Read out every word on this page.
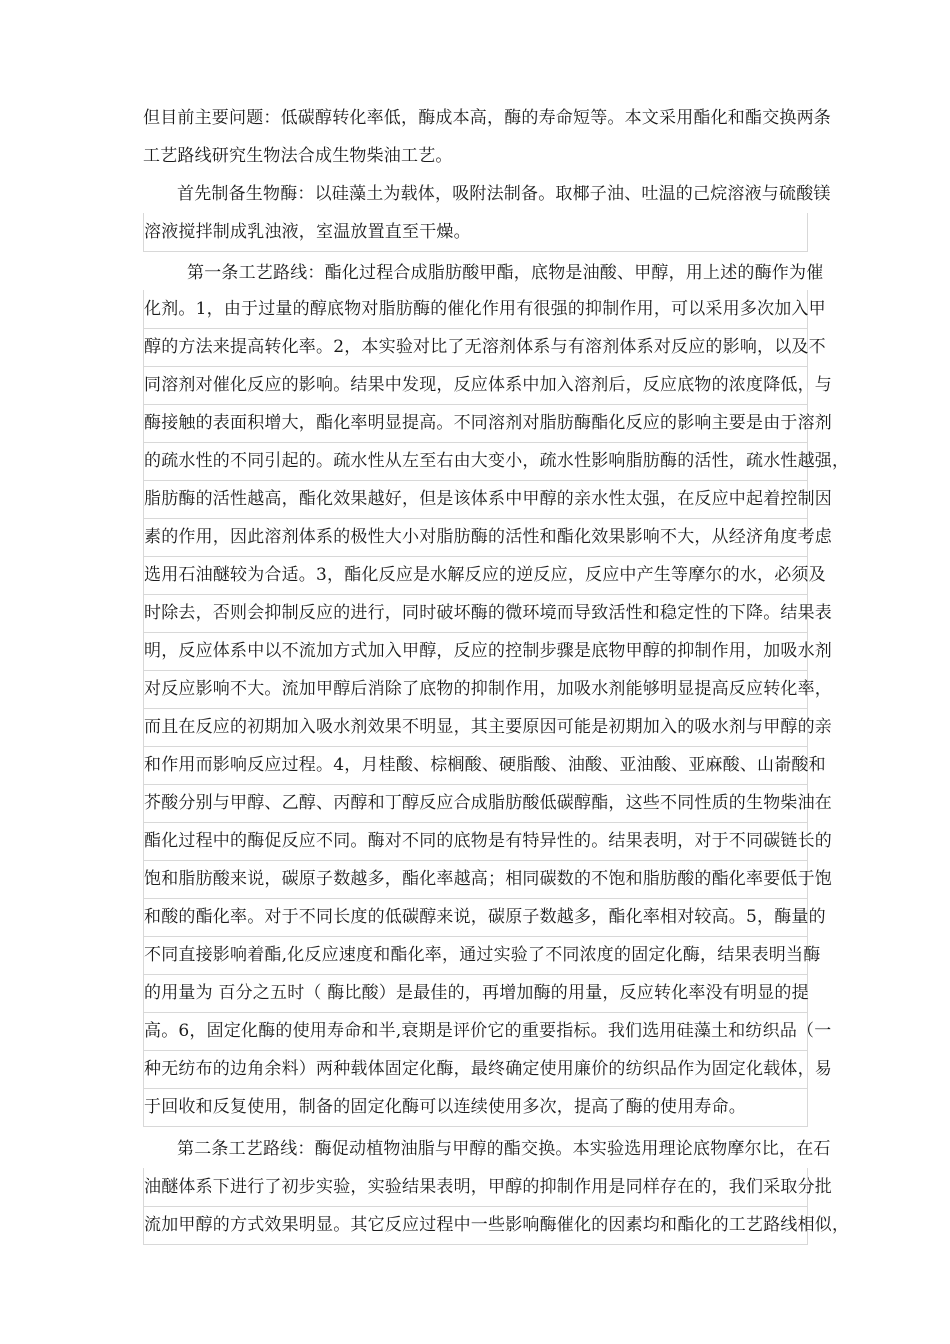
但目前主要问题：低碳醇转化率低，酶成本高，酶的寿命短等。本文采用酯化和酯交换两条
工艺路线研究生物法合成生物柴油工艺。
首先制备生物酶：以硅藻土为载体，吸附法制备。取椰子油、吐温的己烷溶液与硫酸镁
溶液搅拌制成乳浊液，室温放置直至干燥。
第一条工艺路线：酯化过程合成脂肪酸甲酯，底物是油酸、甲醇，用上述的酶作为催
化剂。1，由于过量的醇底物对脂肪酶的催化作用有很强的抑制作用，可以采用多次加入甲
醇的方法来提高转化率。2，本实验对比了无溶剂体系与有溶剂体系对反应的影响，以及不
同溶剂对催化反应的影响。结果中发现，反应体系中加入溶剂后，反应底物的浓度降低，与
酶接触的表面积增大，酯化率明显提高。不同溶剂对脂肪酶酯化反应的影响主要是由于溶剂
的疏水性的不同引起的。疏水性从左至右由大变小，疏水性影响脂肪酶的活性，疏水性越强，
脂肪酶的活性越高，酯化效果越好，但是该体系中甲醇的亲水性太强，在反应中起着控制因
素的作用，因此溶剂体系的极性大小对脂肪酶的活性和酯化效果影响不大，从经济角度考虑
选用石油醚较为合适。3，酯化反应是水解反应的逆反应，反应中产生等摩尔的水，必须及
时除去，否则会抑制反应的进行，同时破坏酶的微环境而导致活性和稳定性的下降。结果表
明，反应体系中以不流加方式加入甲醇，反应的控制步骤是底物甲醇的抑制作用，加吸水剂
对反应影响不大。流加甲醇后消除了底物的抑制作用，加吸水剂能够明显提高反应转化率，
而且在反应的初期加入吸水剂效果不明显，其主要原因可能是初期加入的吸水剂与甲醇的亲
和作用而影响反应过程。4，月桂酸、棕榈酸、硬脂酸、油酸、亚油酸、亚麻酸、山嵛酸和
芥酸分别与甲醇、乙醇、丙醇和丁醇反应合成脂肪酸低碳醇酯，这些不同性质的生物柴油在
酯化过程中的酶促反应不同。酶对不同的底物是有特异性的。结果表明，对于不同碳链长的
饱和脂肪酸来说，碳原子数越多，酯化率越高；相同碳数的不饱和脂肪酸的酯化率要低于饱
和酸的酯化率。对于不同长度的低碳醇来说，碳原子数越多，酯化率相对较高。5，酶量的
不同直接影响着酯,化反应速度和酯化率，通过实验了不同浓度的固定化酶，结果表明当酶
的用量为 百分之五时（ 酶比酸）是最佳的，再增加酶的用量，反应转化率没有明显的提
高。6，固定化酶的使用寿命和半,衰期是评价它的重要指标。我们选用硅藻土和纺织品（一
种无纺布的边角余料）两种载体固定化酶，最终确定使用廉价的纺织品作为固定化载体，易
于回收和反复使用，制备的固定化酶可以连续使用多次，提高了酶的使用寿命。
第二条工艺路线：酶促动植物油脂与甲醇的酯交换。本实验选用理论底物摩尔比，在石
油醚体系下进行了初步实验，实验结果表明，甲醇的抑制作用是同样存在的，我们采取分批
流加甲醇的方式效果明显。其它反应过程中一些影响酶催化的因素均和酯化的工艺路线相似，
